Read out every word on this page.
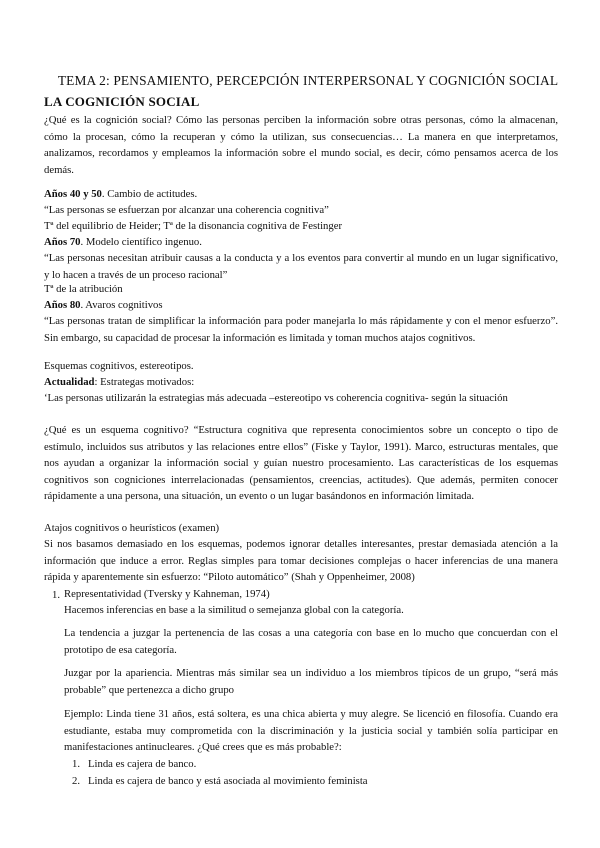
TEMA 2: PENSAMIENTO, PERCEPCIÓN INTERPERSONAL Y COGNICIÓN SOCIAL
LA COGNICIÓN SOCIAL
¿Qué es la cognición social? Cómo las personas perciben la información sobre otras personas, cómo la almacenan, cómo la procesan, cómo la recuperan y cómo la utilizan, sus consecuencias… La manera en que interpretamos, analizamos, recordamos y empleamos la información sobre el mundo social, es decir, cómo pensamos acerca de los demás.
Años 40 y 50. Cambio de actitudes.
“Las personas se esfuerzan por alcanzar una coherencia cognitiva”
Tª del equilibrio de Heider; Tª de la disonancia cognitiva de Festinger
Años 70. Modelo científico ingenuo.
“Las personas necesitan atribuir causas a la conducta y a los eventos para convertir al mundo en un lugar significativo, y lo hacen a través de un proceso racional”
Tª de la atribución
Años 80. Avaros cognitivos
“Las personas tratan de simplificar la información para poder manejarla lo más rápidamente y con el menor esfuerzo”. Sin embargo, su capacidad de procesar la información es limitada y toman muchos atajos cognitivos.
Esquemas cognitivos, estereotipos.
Actualidad: Estrategas motivados:
‘Las personas utilizarán la estrategias más adecuada –estereotipo vs coherencia cognitiva- según la situación
¿Qué es un esquema cognitivo? “Estructura cognitiva que representa conocimientos sobre un concepto o tipo de estímulo, incluidos sus atributos y las relaciones entre ellos” (Fiske y Taylor, 1991). Marco, estructuras mentales, que nos ayudan a organizar la información social y guían nuestro procesamiento. Las características de los esquemas cognitivos son cogniciones interrelacionadas (pensamientos, creencias, actitudes). Que además, permiten conocer rápidamente a una persona, una situación, un evento o un lugar basándonos en información limitada.
Atajos cognitivos o heurísticos (examen)
Si nos basamos demasiado en los esquemas, podemos ignorar detalles interesantes, prestar demasiada atención a la información que induce a error. Reglas simples para tomar decisiones complejas o hacer inferencias de una manera rápida y aparentemente sin esfuerzo: “Piloto automático” (Shah y Oppenheimer, 2008)
1. Representatividad (Tversky y Kahneman, 1974)
Hacemos inferencias en base a la similitud o semejanza global con la categoría.
La tendencia a juzgar la pertenencia de las cosas a una categoría con base en lo mucho que concuerdan con el prototipo de esa categoría.
Juzgar por la apariencia. Mientras más similar sea un individuo a los miembros típicos de un grupo, “será más probable” que pertenezca a dicho grupo
Ejemplo: Linda tiene 31 años, está soltera, es una chica abierta y muy alegre. Se licenció en filosofía. Cuando era estudiante, estaba muy comprometida con la discriminación y la justicia social y también solía participar en manifestaciones antinucleares. ¿Qué crees que es más probable?:
1. Linda es cajera de banco.
2. Linda es cajera de banco y está asociada al movimiento feminista
